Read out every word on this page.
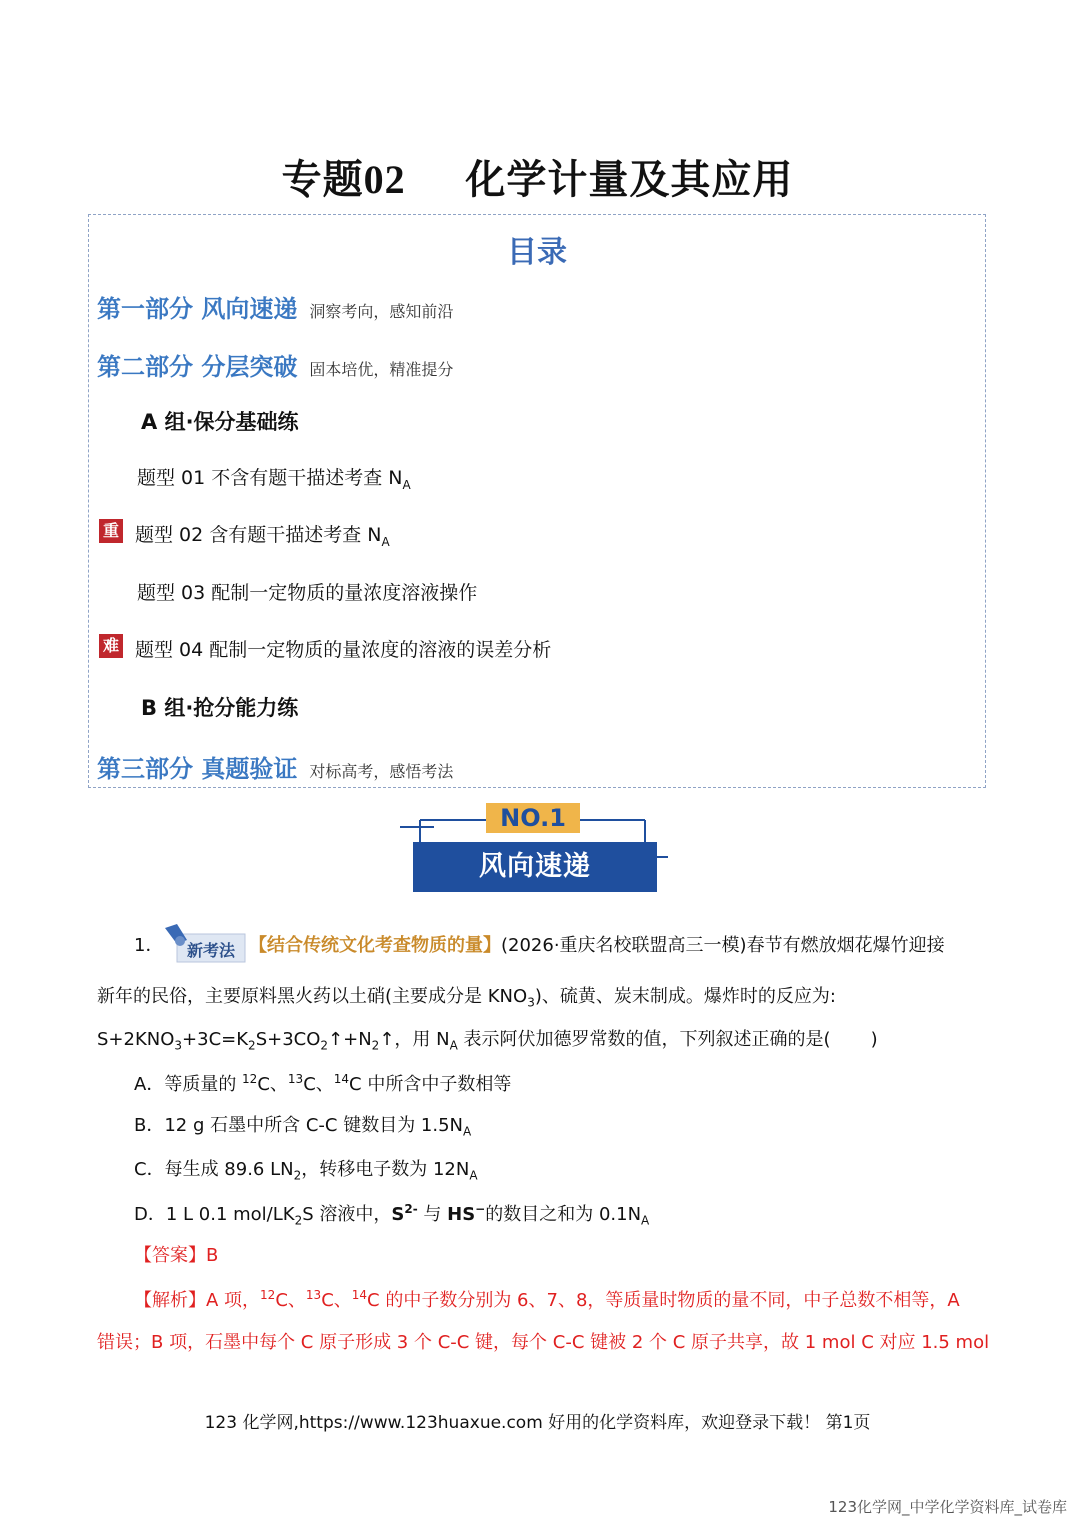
专题02 化学计量及其应用
目录
第一部分 风向速递 洞察考向，感知前沿
第二部分 分层突破 固本培优，精准提分
A 组·保分基础练
题型 01 不含有题干描述考查 $N_A$
重 题型 02 含有题干描述考查 $N_A$
题型 03 配制一定物质的量浓度溶液操作
难 题型 04 配制一定物质的量浓度的溶液的误差分析
B 组·抢分能力练
第三部分 真题验证 对标高考，感悟考法
NO.1
风向速递
1． 新考法 【结合传统文化考查物质的量】(2026·重庆名校联盟高三一模)春节有燃放烟花爆竹迎接
新年的民俗，主要原料黑火药以土硝(主要成分是 $KNO_3$)、硫黄、炭末制成。爆炸时的反应为:
$S+2KNO_3+3C=K_2S+3CO_2↑+N_2↑$，用 $N_A$ 表示阿伏加德罗常数的值，下列叙述正确的是(       )
A．等质量的 $^{12}$C、$^{13}$C、$^{14}$C 中所含中子数相等
B．12 g 石墨中所含 C-C 键数目为 $1.5N_A$
C．每生成 89.6 $LN_2$，转移电子数为 $12N_A$
D．1 L 0.1 mol/$LK_2S$ 溶液中，$S^{2-}$ 与 HS−的数目之和为 $0.1N_A$
【答案】B
【解析】A 项，$^{12}$C、$^{13}$C、$^{14}$C 的中子数分别为 6、7、8，等质量时物质的量不同，中子总数不相等，A
错误；B 项，石墨中每个 C 原子形成 3 个 C-C 键，每个 C-C 键被 2 个 C 原子共享，故 1 mol C 对应 1.5 mol
123 化学网,https://www.123huaxue.com 好用的化学资料库，欢迎登录下载！ 第1页
123化学网_中学化学资料库_试卷库
